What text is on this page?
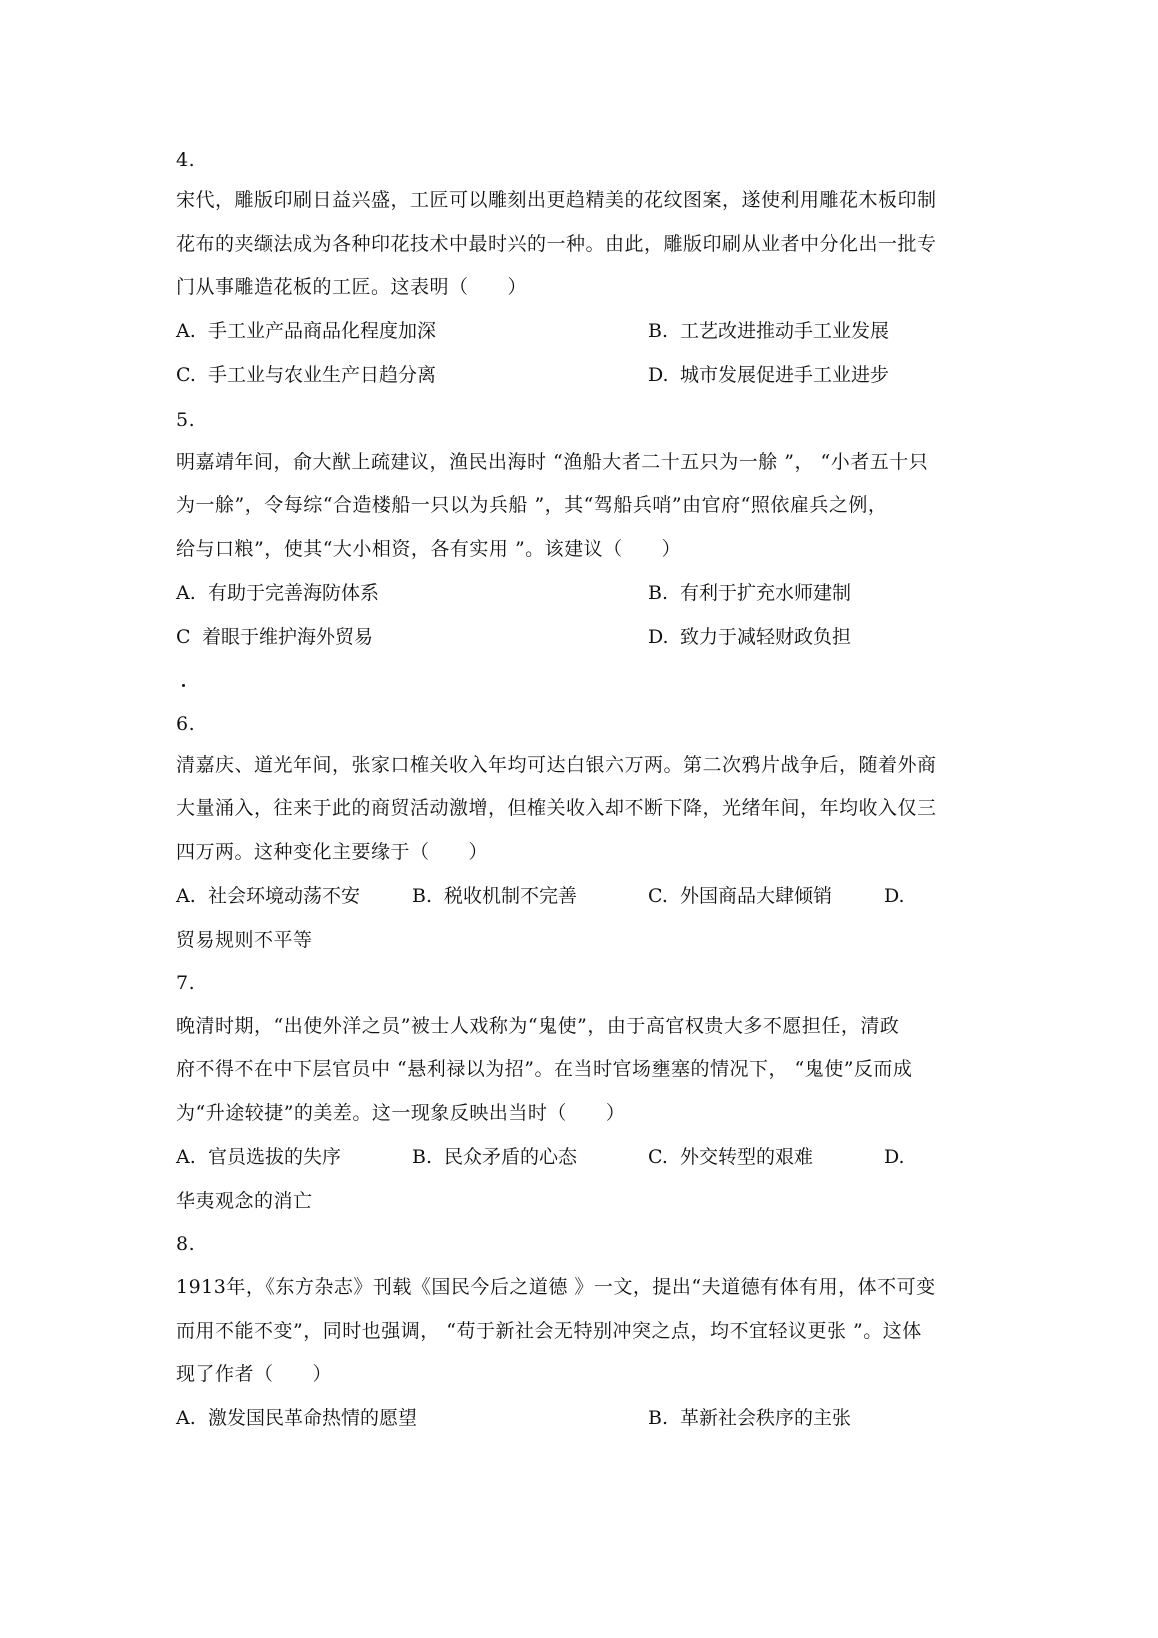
4.
宋代，雕版印刷日益兴盛，工匠可以雕刻出更趋精美的花纹图案，遂使利用雕花木板印制
花布的夹缬法成为各种印花技术中最时兴的一种。由此，雕版印刷从业者中分化出一批专
门从事雕造花板的工匠。这表明（　　）
A. 手工业产品商品化程度加深	B. 工艺改进推动手工业发展
C. 手工业与农业生产日趋分离	D. 城市发展促进手工业进步
5.
明嘉靖年间，俞大猷上疏建议，渔民出海时 “渔船大者二十五只为一艅 ”， “小者五十只
为一艅”，令每综“合造楼船一只以为兵船 ”，其“驾船兵哨”由官府“照依雇兵之例，
给与口粮”，使其“大小相资，各有实用 ”。该建议（　　）
A. 有助于完善海防体系	B. 有利于扩充水师建制
C 着眼于维护海外贸易	D. 致力于减轻财政负担
6.
清嘉庆、道光年间，张家口榷关收入年均可达白银六万两。第二次鸦片战争后，随着外商
大量涌入，往来于此的商贸活动激增，但榷关收入却不断下降，光绪年间，年均收入仅三
四万两。这种变化主要缘于（　　）
A. 社会环境动荡不安	B. 税收机制不完善	C. 外国商品大肆倾销	D.
贸易规则不平等
7.
晚清时期，“出使外洋之员”被士人戏称为“鬼使”，由于高官权贵大多不愿担任，清政
府不得不在中下层官员中 “悬利禄以为招”。在当时官场壅塞的情况下， “鬼使”反而成
为“升途较捷”的美差。这一现象反映出当时（　　）
A. 官员选拔的失序	B. 民众矛盾的心态	C. 外交转型的艰难	D.
华夷观念的消亡
8.
1913年，《东方杂志》刊载《国民今后之道德 》一文，提出“夫道德有体有用，体不可变
而用不能不变”，同时也强调， “苟于新社会无特别冲突之点，均不宜轻议更张 ”。这体
现了作者（　　）
A. 激发国民革命热情的愿望	B. 革新社会秩序的主张
